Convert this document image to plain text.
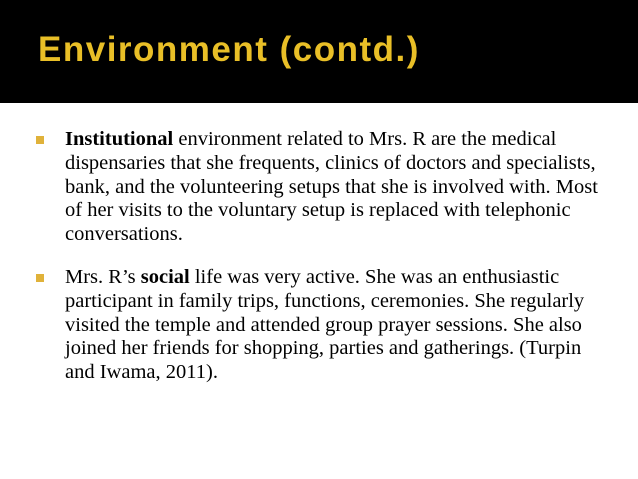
Environment (contd.)
Institutional environment related to Mrs. R are the medical dispensaries that she frequents, clinics of doctors and specialists, bank, and the volunteering setups that she is involved with. Most of her visits to the voluntary setup is replaced with telephonic conversations.
Mrs. R’s social life was very active. She was an enthusiastic participant in family trips, functions, ceremonies. She regularly visited the temple and attended group prayer sessions. She also joined her friends for shopping, parties and gatherings. (Turpin and Iwama, 2011).
